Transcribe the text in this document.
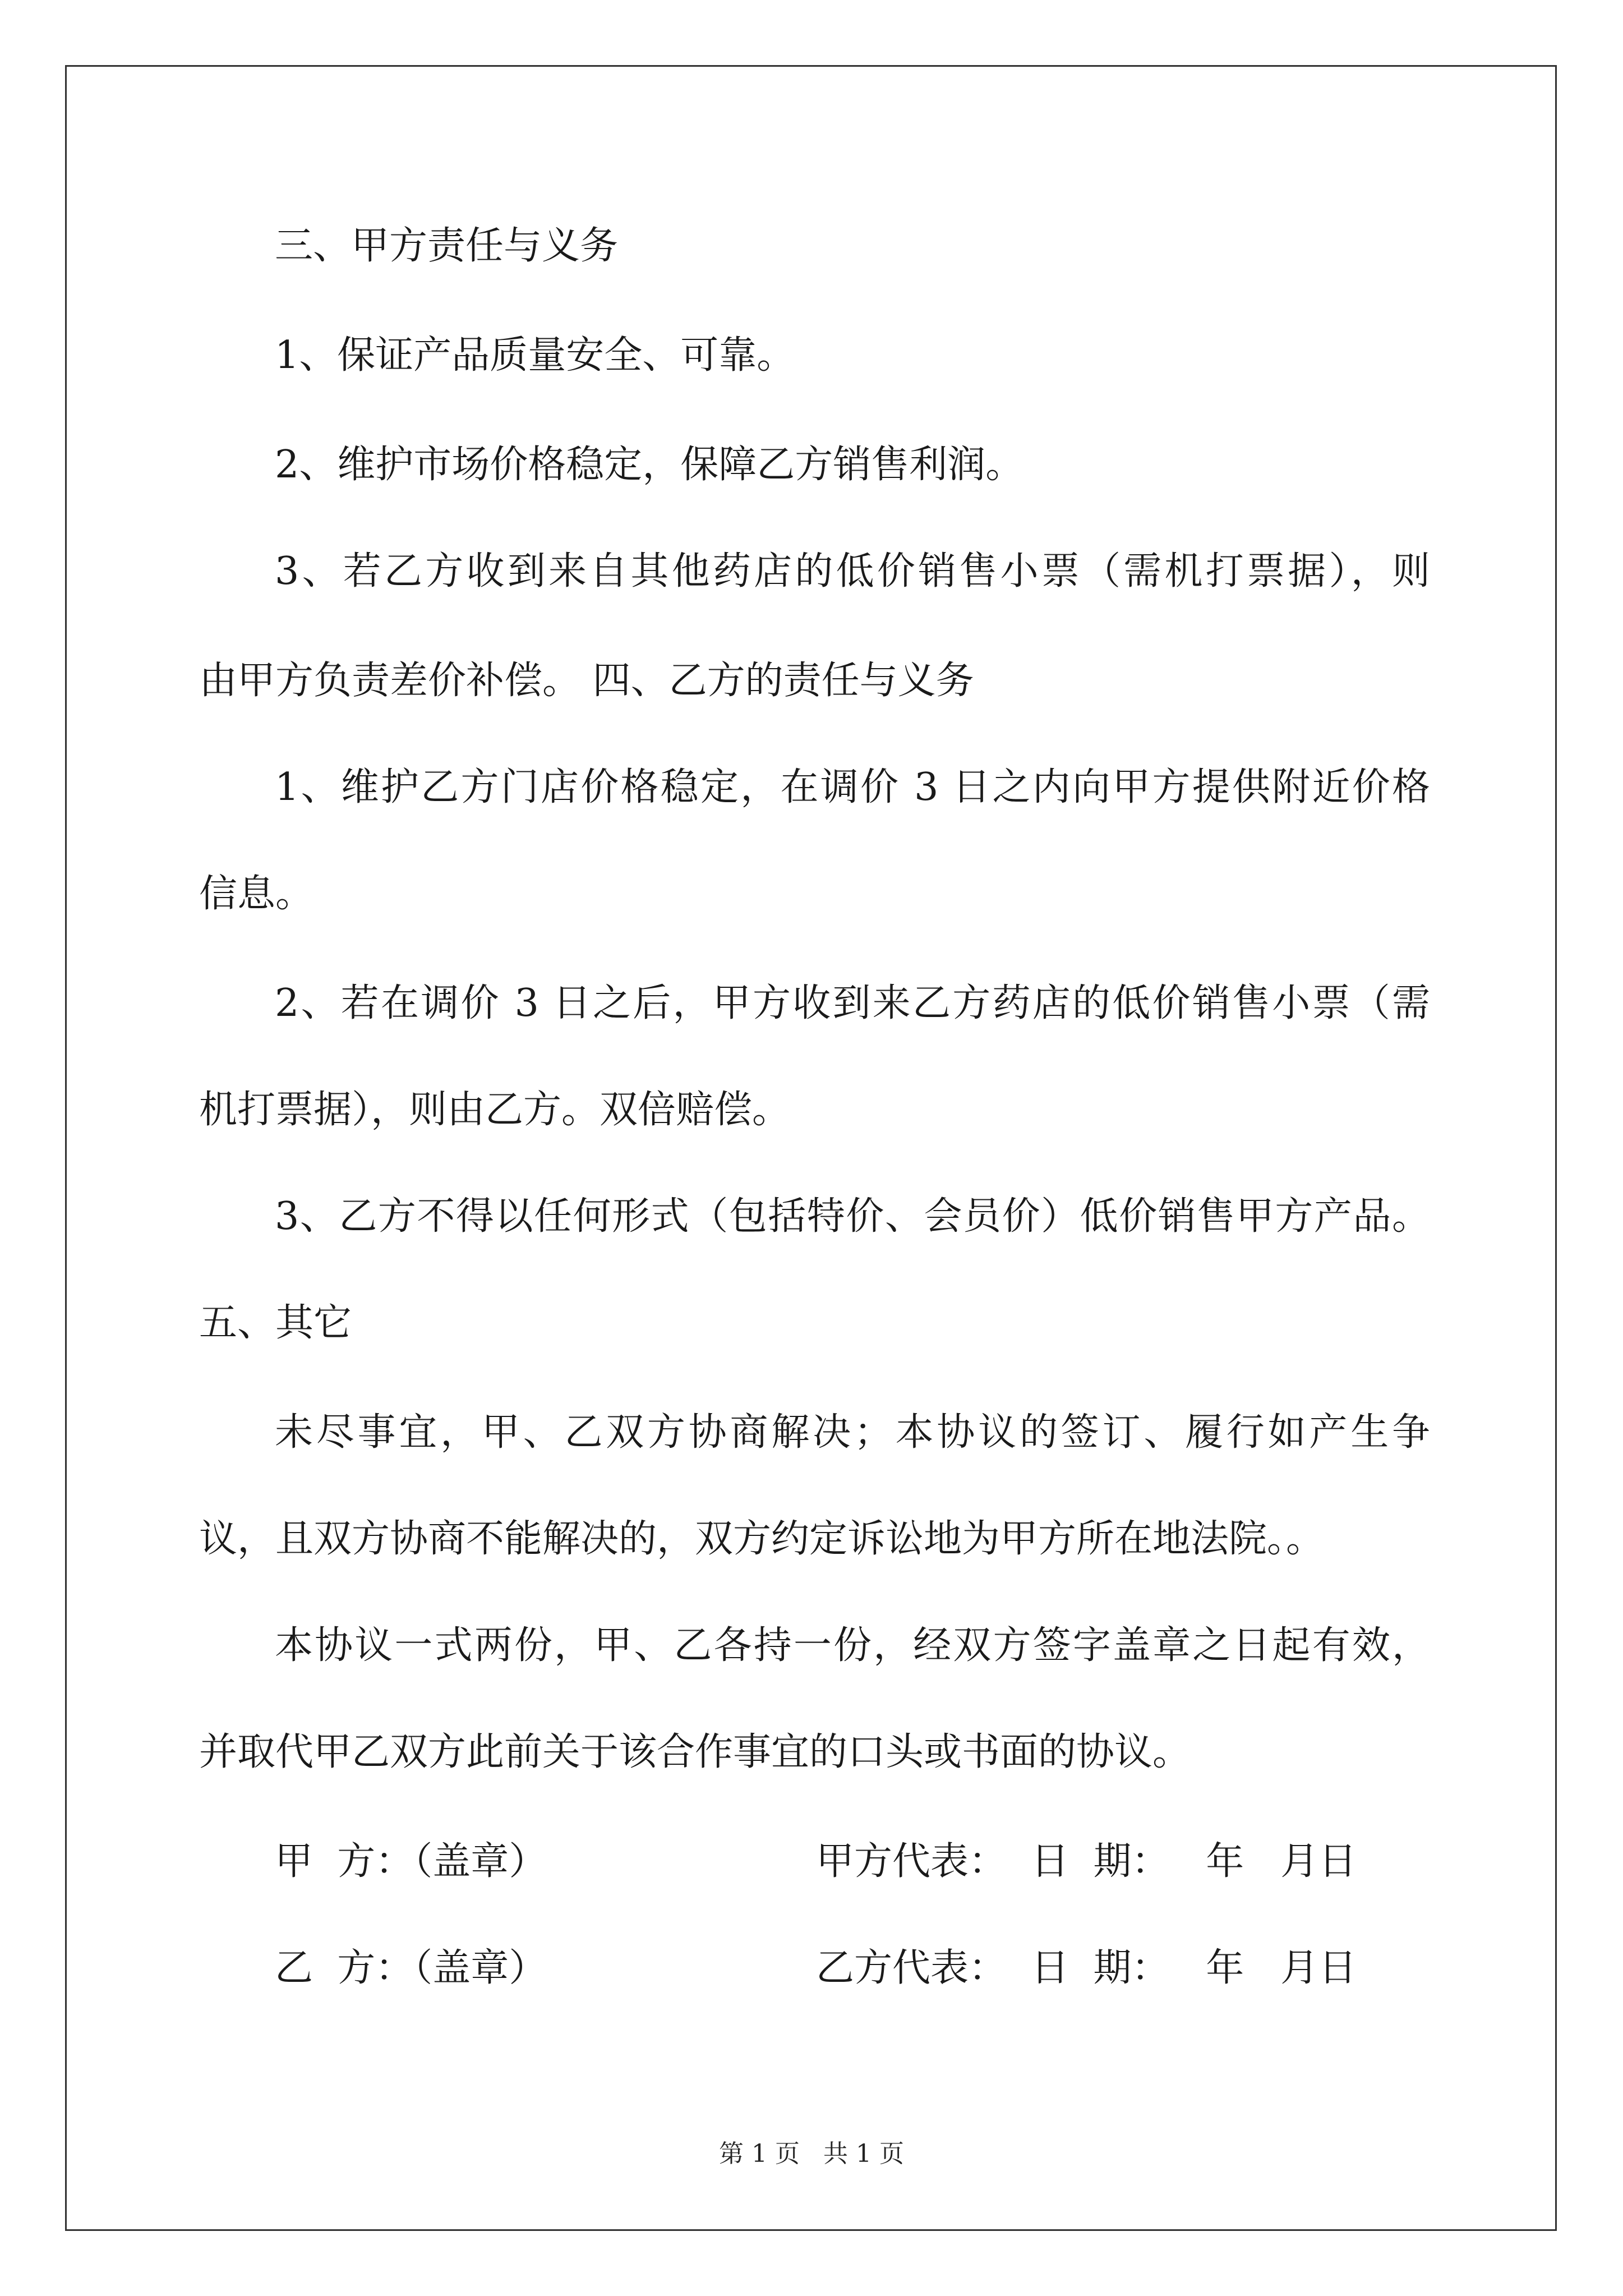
三、甲方责任与义务
1、保证产品质量安全、可靠。
2、维护市场价格稳定，保障乙方销售利润。
3、若乙方收到来自其他药店的低价销售小票（需机打票据），则
由甲方负责差价补偿。 四、乙方的责任与义务
1、维护乙方门店价格稳定，在调价 3 日之内向甲方提供附近价格
信息。
2、若在调价 3 日之后，甲方收到来乙方药店的低价销售小票（需
机打票据），则由乙方。双倍赔偿。
3、乙方不得以任何形式（包括特价、会员价）低价销售甲方产品。
五、其它
未尽事宜，甲、乙双方协商解决；本协议的签订、履行如产生争
议，且双方协商不能解决的，双方约定诉讼地为甲方所在地法院。。
本协议一式两份，甲、乙各持一份，经双方签字盖章之日起有效，
并取代甲乙双方此前关于该合作事宜的口头或书面的协议。
甲  方：（盖章）	甲方代表：  日  期：   年   月日
乙  方：（盖章）	乙方代表：  日  期：   年   月日
第 1 页   共 1 页
